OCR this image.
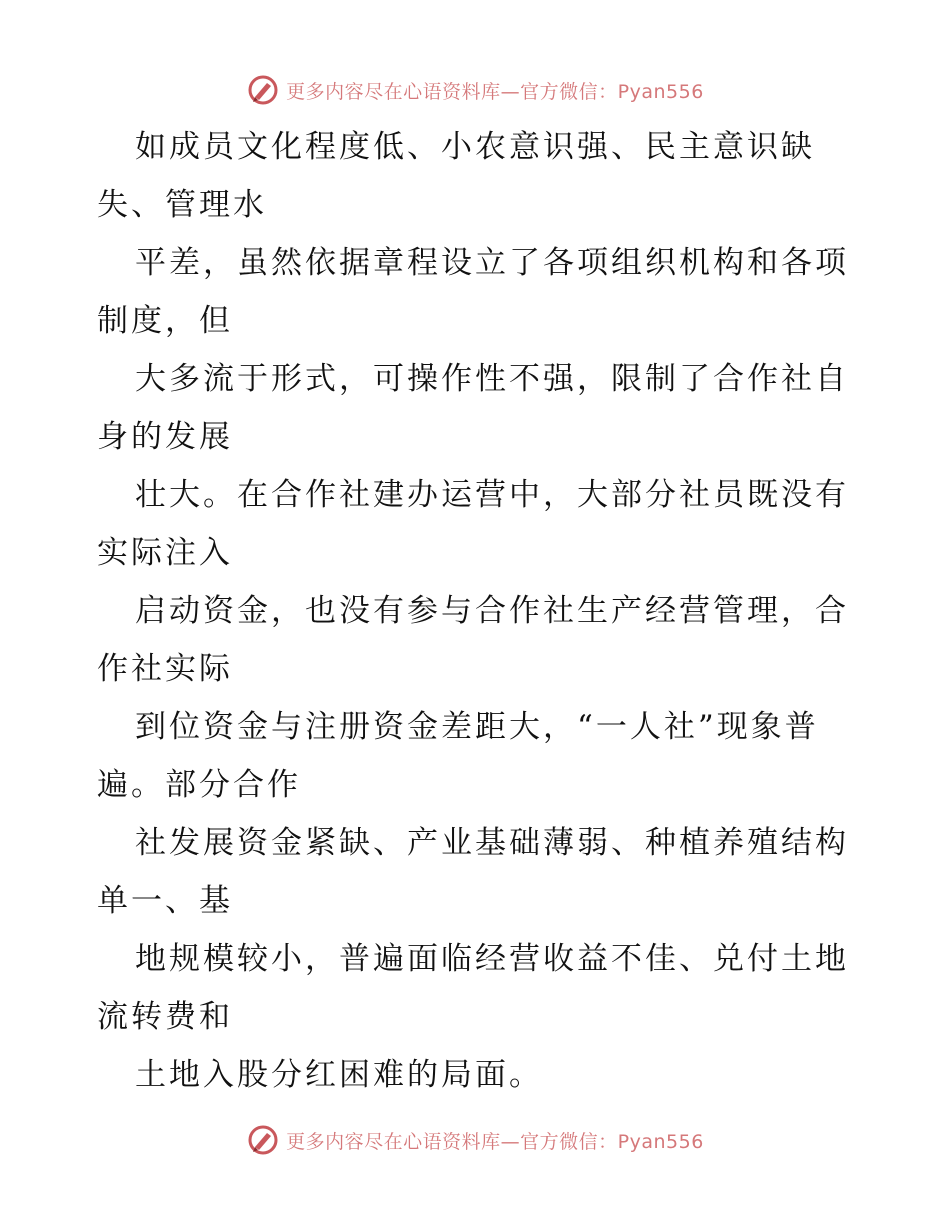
更多内容尽在心语资料库—官方微信：Pyan556
如成员文化程度低、小农意识强、民主意识缺
失、管理水
平差，虽然依据章程设立了各项组织机构和各项
制度，但
大多流于形式，可操作性不强，限制了合作社自
身的发展
壮大。在合作社建办运营中，大部分社员既没有
实际注入
启动资金，也没有参与合作社生产经营管理，合
作社实际
到位资金与注册资金差距大，“一人社”现象普
遍。部分合作
社发展资金紧缺、产业基础薄弱、种植养殖结构
单一、基
地规模较小，普遍面临经营收益不佳、兑付土地
流转费和
土地入股分红困难的局面。
更多内容尽在心语资料库—官方微信：Pyan556
